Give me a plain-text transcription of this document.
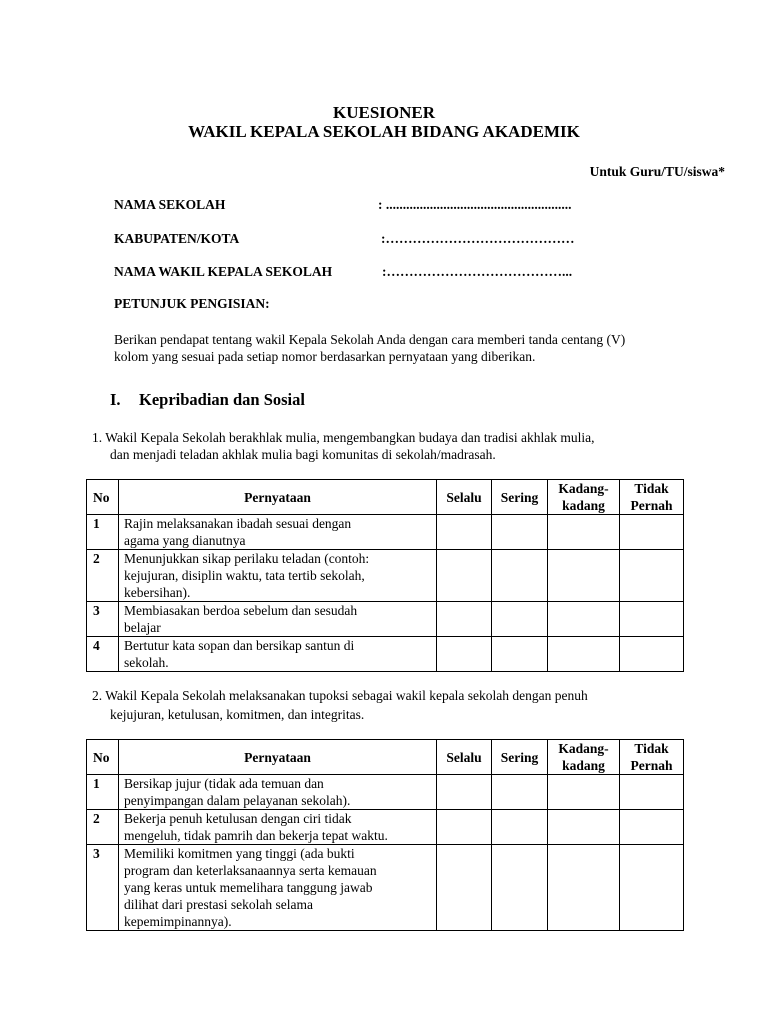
KUESIONER
WAKIL KEPALA SEKOLAH BIDANG AKADEMIK
Untuk Guru/TU/siswa*
NAMA SEKOLAH	: .......................................................
KABUPATEN/KOTA	:……………………………………
NAMA WAKIL KEPALA SEKOLAH	:…………………………………...
PETUNJUK PENGISIAN:
Berikan pendapat tentang wakil Kepala Sekolah Anda dengan cara memberi tanda centang (V)
kolom yang sesuai pada setiap nomor berdasarkan pernyataan yang diberikan.
I. Kepribadian dan Sosial
1. Wakil Kepala Sekolah berakhlak mulia, mengembangkan budaya dan tradisi akhlak mulia,
dan menjadi teladan akhlak mulia bagi komunitas di sekolah/madrasah.
No	Pernyataan	Selalu	Sering	Kadang-
kadang	Tidak
Pernah
1	Rajin melaksanakan ibadah sesuai dengan
agama yang dianutnya				
2	Menunjukkan sikap perilaku teladan (contoh:
kejujuran, disiplin waktu, tata tertib sekolah,
kebersihan).				
3	Membiasakan berdoa sebelum dan sesudah
belajar				
4	Bertutur kata sopan dan bersikap santun di
sekolah.				
2. Wakil Kepala Sekolah melaksanakan tupoksi sebagai wakil kepala sekolah dengan penuh
kejujuran, ketulusan, komitmen, dan integritas.
No	Pernyataan	Selalu	Sering	Kadang-
kadang	Tidak
Pernah
1	Bersikap jujur (tidak ada temuan dan
penyimpangan dalam pelayanan sekolah).				
2	Bekerja penuh ketulusan dengan ciri tidak
mengeluh, tidak pamrih dan bekerja tepat waktu.				
3	Memiliki komitmen yang tinggi (ada bukti
program dan keterlaksanaannya serta kemauan
yang keras untuk memelihara tanggung jawab
dilihat dari prestasi sekolah selama
kepemimpinannya).				
